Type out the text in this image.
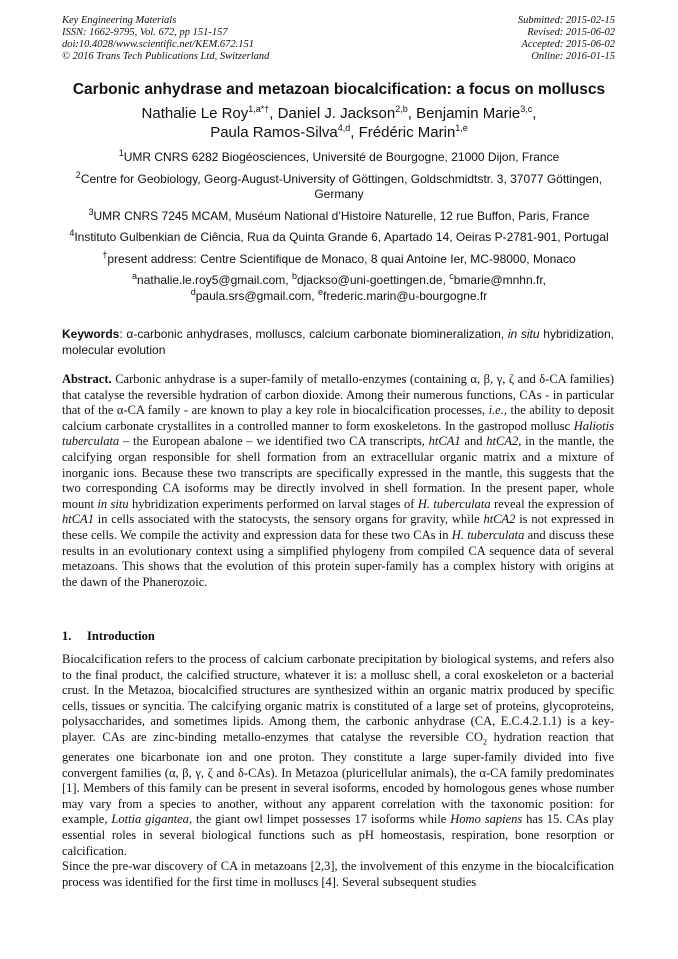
Key Engineering Materials
ISSN: 1662-9795, Vol. 672, pp 151-157
doi:10.4028/www.scientific.net/KEM.672.151
© 2016 Trans Tech Publications Ltd, Switzerland
Submitted: 2015-02-15
Revised: 2015-06-02
Accepted: 2015-06-02
Online: 2016-01-15
Carbonic anhydrase and metazoan biocalcification: a focus on molluscs
Nathalie Le Roy$^{1,a*\dagger}$, Daniel J. Jackson$^{2,b}$, Benjamin Marie$^{3,c}$,
Paula Ramos-Silva$^{4,d}$, Frédéric Marin$^{1,e}$
$^1$UMR CNRS 6282 Biogéosciences, Université de Bourgogne, 21000 Dijon, France
$^2$Centre for Geobiology, Georg-August-University of Göttingen, Goldschmidtstr. 3, 37077 Göttingen, Germany
$^3$UMR CNRS 7245 MCAM, Muséum National d’Histoire Naturelle, 12 rue Buffon, Paris, France
$^4$Instituto Gulbenkian de Ciência, Rua da Quinta Grande 6, Apartado 14, Oeiras P-2781-901, Portugal
†present address: Centre Scientifique de Monaco, 8 quai Antoine Ier, MC-98000, Monaco
$^a$nathalie.le.roy5@gmail.com, $^b$djackso@uni-goettingen.de, $^c$bmarie@mnhn.fr,
$^d$paula.srs@gmail.com, $^e$frederic.marin@u-bourgogne.fr
Keywords: α-carbonic anhydrases, molluscs, calcium carbonate biomineralization, in situ hybridization, molecular evolution
Abstract. Carbonic anhydrase is a super-family of metallo-enzymes (containing α, β, γ, ζ and δ-CA families) that catalyse the reversible hydration of carbon dioxide. Among their numerous functions, CAs - in particular that of the α-CA family - are known to play a key role in biocalcification processes, i.e., the ability to deposit calcium carbonate crystallites in a controlled manner to form exoskeletons. In the gastropod mollusc Haliotis tuberculata – the European abalone – we identified two CA transcripts, htCA1 and htCA2, in the mantle, the calcifying organ responsible for shell formation from an extracellular organic matrix and a mixture of inorganic ions. Because these two transcripts are specifically expressed in the mantle, this suggests that the two corresponding CA isoforms may be directly involved in shell formation. In the present paper, whole mount in situ hybridization experiments performed on larval stages of H. tuberculata reveal the expression of htCA1 in cells associated with the statocysts, the sensory organs for gravity, while htCA2 is not expressed in these cells. We compile the activity and expression data for these two CAs in H. tuberculata and discuss these results in an evolutionary context using a simplified phylogeny from compiled CA sequence data of several metazoans. This shows that the evolution of this protein super-family has a complex history with origins at the dawn of the Phanerozoic.
1. Introduction

Biocalcification refers to the process of calcium carbonate precipitation by biological systems, and refers also to the final product, the calcified structure, whatever it is: a mollusc shell, a coral exoskeleton or a bacterial crust. In the Metazoa, biocalcified structures are synthesized within an organic matrix produced by specific cells, tissues or syncitia. The calcifying organic matrix is constituted of a large set of proteins, glycoproteins, polysaccharides, and sometimes lipids. Among them, the carbonic anhydrase (CA, E.C.4.2.1.1) is a key-player. CAs are zinc-binding metallo-enzymes that catalyse the reversible $CO_2$ hydration reaction that generates one bicarbonate ion and one proton. They constitute a large super-family divided into five convergent families (α, β, γ, ζ and δ-CAs). In Metazoa (pluricellular animals), the α-CA family predominates [1]. Members of this family can be present in several isoforms, encoded by homologous genes whose number may vary from a species to another, without any apparent correlation with the taxonomic position: for example, Lottia gigantea, the giant owl limpet possesses 17 isoforms while Homo sapiens has 15. CAs play essential roles in several biological functions such as pH homeostasis, respiration, bone resorption or calcification.

Since the pre-war discovery of CA in metazoans [2,3], the involvement of this enzyme in the biocalcification process was identified for the first time in molluscs [4]. Several subsequent studies
